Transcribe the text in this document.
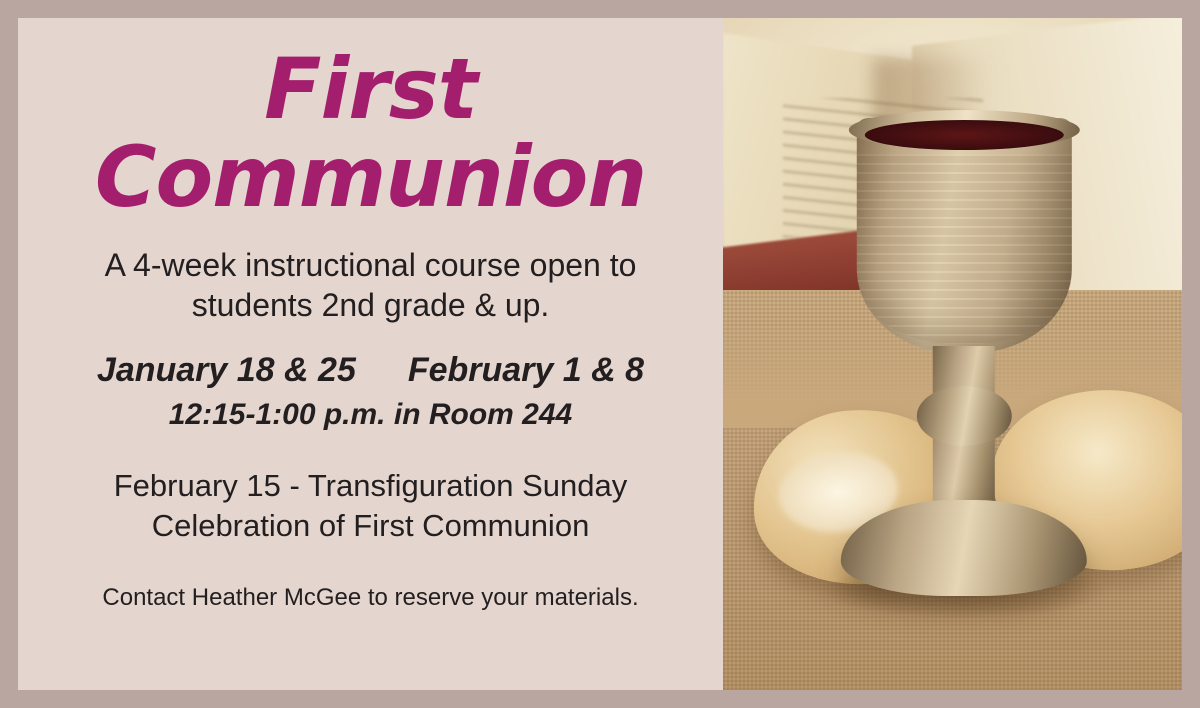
First
Communion
A 4-week instructional course open to students 2nd grade & up.
January 18 & 25 February 1 & 8
12:15-1:00 p.m. in Room 244
February 15 - Transfiguration Sunday
Celebration of First Communion
Contact Heather McGee to reserve your materials.
